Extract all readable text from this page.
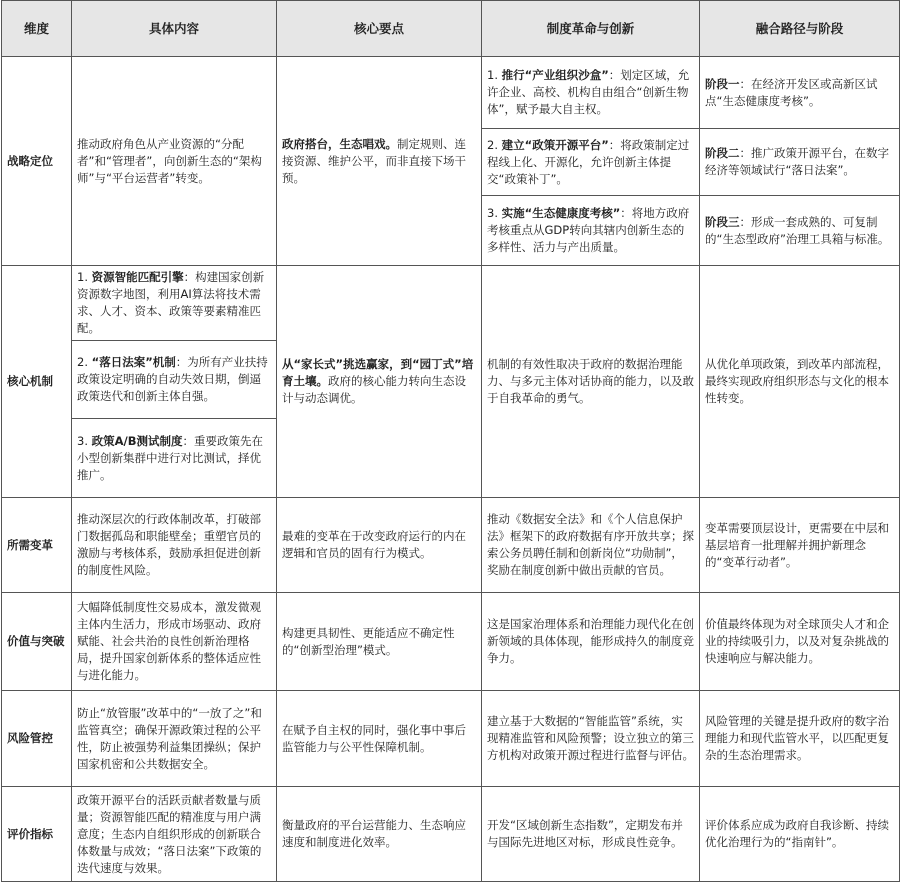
维度	具体内容	核心要点	制度革命与创新	融合路径与阶段
战略定位	推动政府角色从产业资源的“分配者”和“管理者”，向创新生态的“架构师”与“平台运营者”转变。	政府搭台，生态唱戏。制定规则、连接资源、维护公平，而非直接下场干预。	1. 推行“产业组织沙盒”：划定区域，允许企业、高校、机构自由组合“创新生物体”，赋予最大自主权。	阶段一：在经济开发区或高新区试点“生态健康度考核”。
			2. 建立“政策开源平台”：将政策制定过程线上化、开源化，允许创新主体提交“政策补丁”。	阶段二：推广政策开源平台，在数字经济等领域试行“落日法案”。
			3. 实施“生态健康度考核”：将地方政府考核重点从GDP转向其辖内创新生态的多样性、活力与产出质量。	阶段三：形成一套成熟的、可复制的“生态型政府”治理工具箱与标准。
核心机制	1. 资源智能匹配引擎：构建国家创新资源数字地图，利用AI算法将技术需求、人才、资本、政策等要素精准匹配。	从“家长式”挑选赢家，到“园丁式”培育土壤。政府的核心能力转向生态设计与动态调优。	机制的有效性取决于政府的数据治理能力、与多元主体对话协商的能力，以及敢于自我革命的勇气。	从优化单项政策，到改革内部流程，最终实现政府组织形态与文化的根本性转变。
	2. “落日法案”机制：为所有产业扶持政策设定明确的自动失效日期，倒逼政策迭代和创新主体自强。			
	3. 政策A/B测试制度：重要政策先在小型创新集群中进行对比测试，择优推广。			
所需变革	推动深层次的行政体制改革，打破部门数据孤岛和职能壁垒；重塑官员的激励与考核体系，鼓励承担促进创新的制度性风险。	最难的变革在于改变政府运行的内在逻辑和官员的固有行为模式。	推动《数据安全法》和《个人信息保护法》框架下的政府数据有序开放共享；探索公务员聘任制和创新岗位“功勋制”，奖励在制度创新中做出贡献的官员。	变革需要顶层设计，更需要在中层和基层培育一批理解并拥护新理念的“变革行动者”。
价值与突破	大幅降低制度性交易成本，激发微观主体内生活力，形成市场驱动、政府赋能、社会共治的良性创新治理格局，提升国家创新体系的整体适应性与进化能力。	构建更具韧性、更能适应不确定性的“创新型治理”模式。	这是国家治理体系和治理能力现代化在创新领域的具体体现，能形成持久的制度竞争力。	价值最终体现为对全球顶尖人才和企业的持续吸引力，以及对复杂挑战的快速响应与解决能力。
风险管控	防止“放管服”改革中的“一放了之”和监管真空；确保开源政策过程的公平性，防止被强势利益集团操纵；保护国家机密和公共数据安全。	在赋予自主权的同时，强化事中事后监管能力与公平性保障机制。	建立基于大数据的“智能监管”系统，实现精准监管和风险预警；设立独立的第三方机构对政策开源过程进行监督与评估。	风险管理的关键是提升政府的数字治理能力和现代监管水平，以匹配更复杂的生态治理需求。
评价指标	政策开源平台的活跃贡献者数量与质量；资源智能匹配的精准度与用户满意度；生态内自组织形成的创新联合体数量与成效；“落日法案”下政策的迭代速度与效果。	衡量政府的平台运营能力、生态响应速度和制度进化效率。	开发“区域创新生态指数”，定期发布并与国际先进地区对标，形成良性竞争。	评价体系应成为政府自我诊断、持续优化治理行为的“指南针”。
